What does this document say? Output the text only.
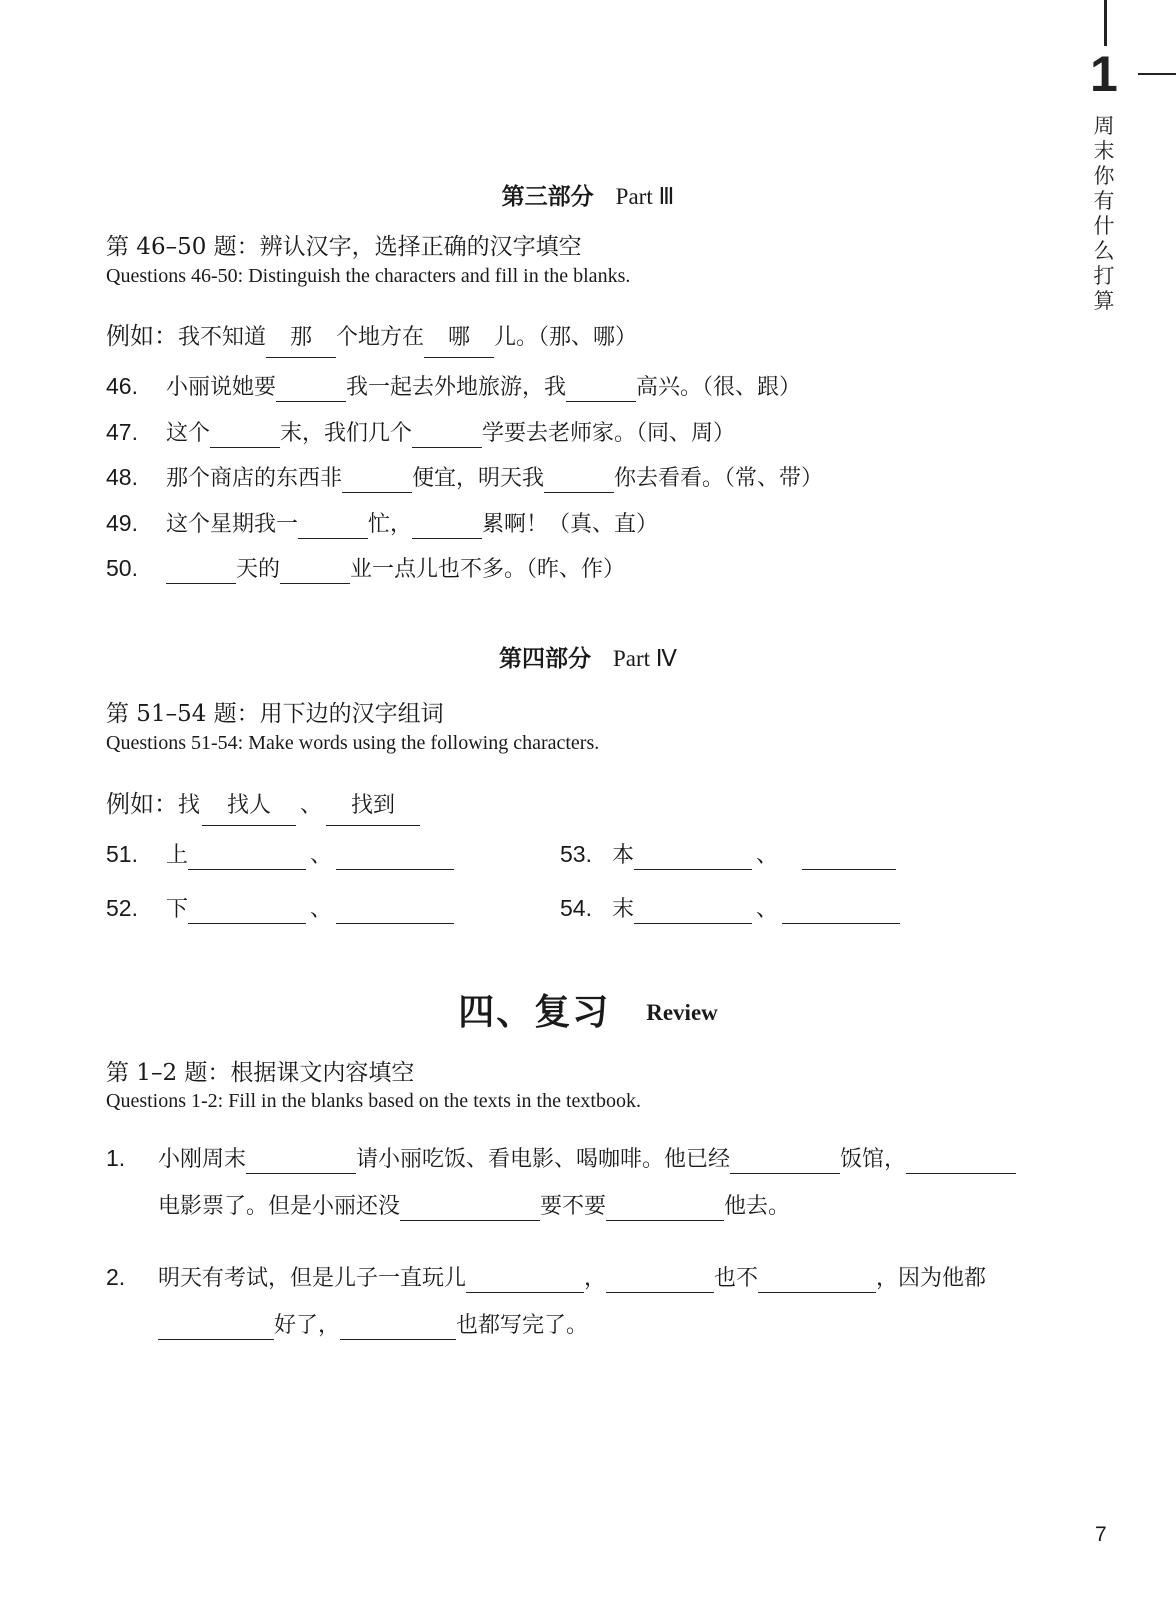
1
周末你有什么打算
第三部分 Part Ⅲ
第 46–50 题：辨认汉字，选择正确的汉字填空
Questions 46-50: Distinguish the characters and fill in the blanks.
例如：我不知道 那 个地方在 哪 儿。（那、哪）
46. 小丽说她要	我一起去外地旅游，我	高兴。（很、跟）
47. 这个	末，我们几个	学要去老师家。（同、周）
48. 那个商店的东西非	便宜，明天我	你去看看。（常、带）
49. 这个星期我一	忙，	累啊！（真、直）
50.	天的	业一点儿也不多。（昨、作）
第四部分 Part Ⅳ
第 51–54 题：用下边的汉字组词
Questions 51-54: Make words using the following characters.
例如：找 找人 、 找到
51. 上	、	53. 本	、
52. 下	、	54. 末	、
四、复习 Review
第 1–2 题：根据课文内容填空
Questions 1-2: Fill in the blanks based on the texts in the textbook.
1. 小刚周末	请小丽吃饭、看电影、喝咖啡。他已经	饭馆，
电影票了。但是小丽还没	要不要	他去。
2. 明天有考试，但是儿子一直玩儿	，	也不	，因为他都
好了，	也都写完了。
7
